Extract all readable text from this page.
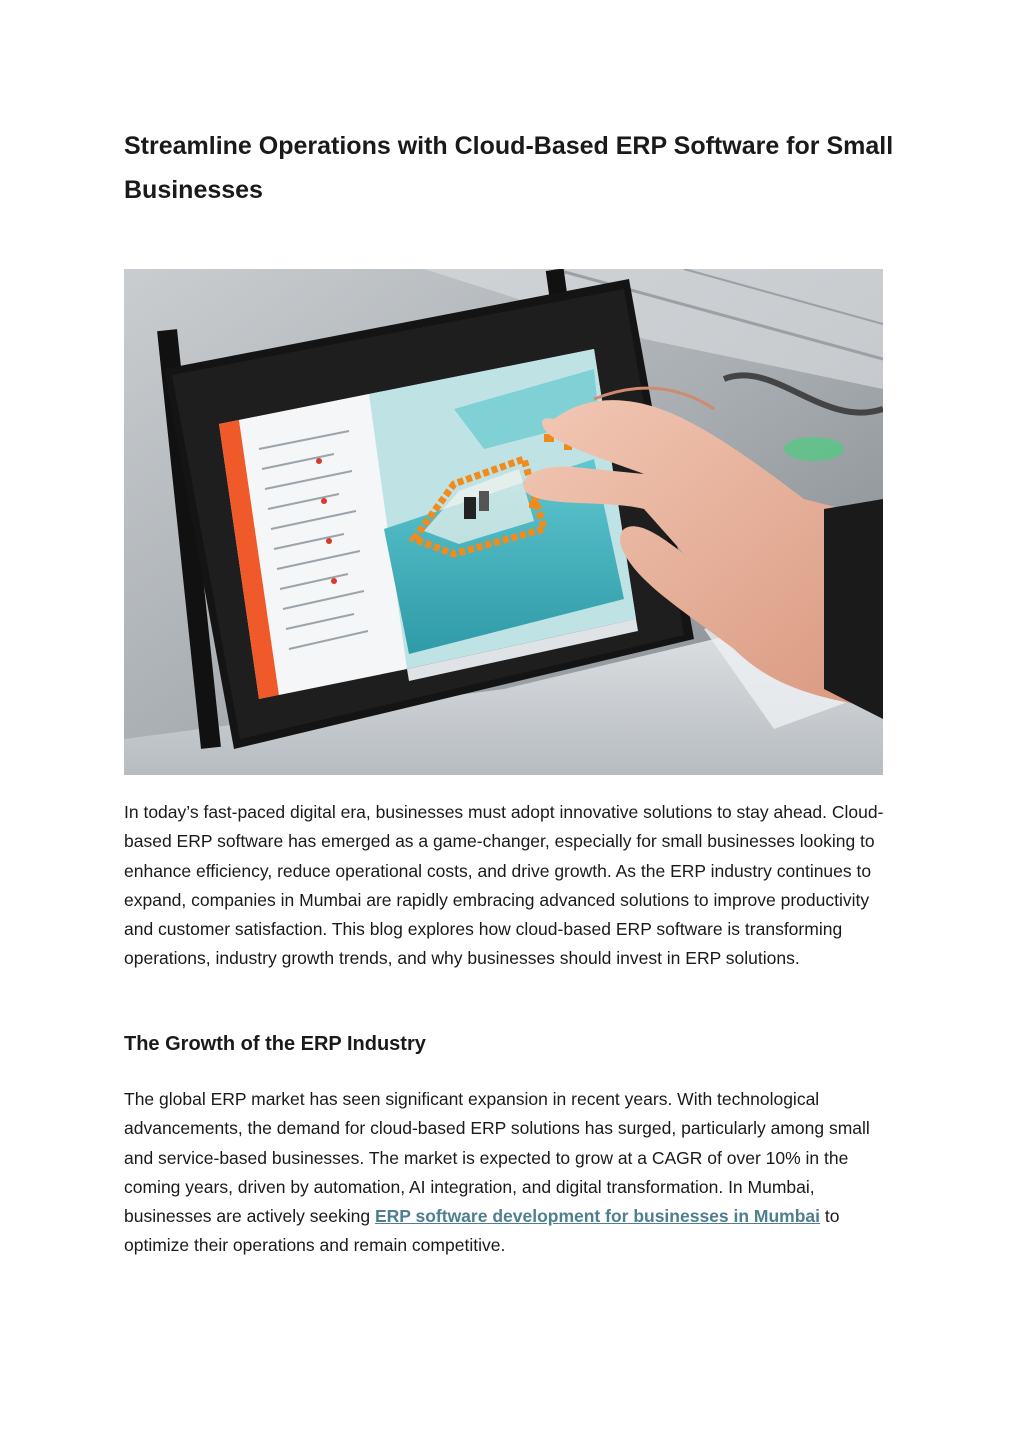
Streamline Operations with Cloud-Based ERP Software for Small Businesses

In today’s fast-paced digital era, businesses must adopt innovative solutions to stay ahead. Cloud-based ERP software has emerged as a game-changer, especially for small businesses looking to enhance efficiency, reduce operational costs, and drive growth. As the ERP industry continues to expand, companies in Mumbai are rapidly embracing advanced solutions to improve productivity and customer satisfaction. This blog explores how cloud-based ERP software is transforming operations, industry growth trends, and why businesses should invest in ERP solutions.

The Growth of the ERP Industry

The global ERP market has seen significant expansion in recent years. With technological advancements, the demand for cloud-based ERP solutions has surged, particularly among small and service-based businesses. The market is expected to grow at a CAGR of over 10% in the coming years, driven by automation, AI integration, and digital transformation. In Mumbai, businesses are actively seeking ERP software development for businesses in Mumbai to optimize their operations and remain competitive.
